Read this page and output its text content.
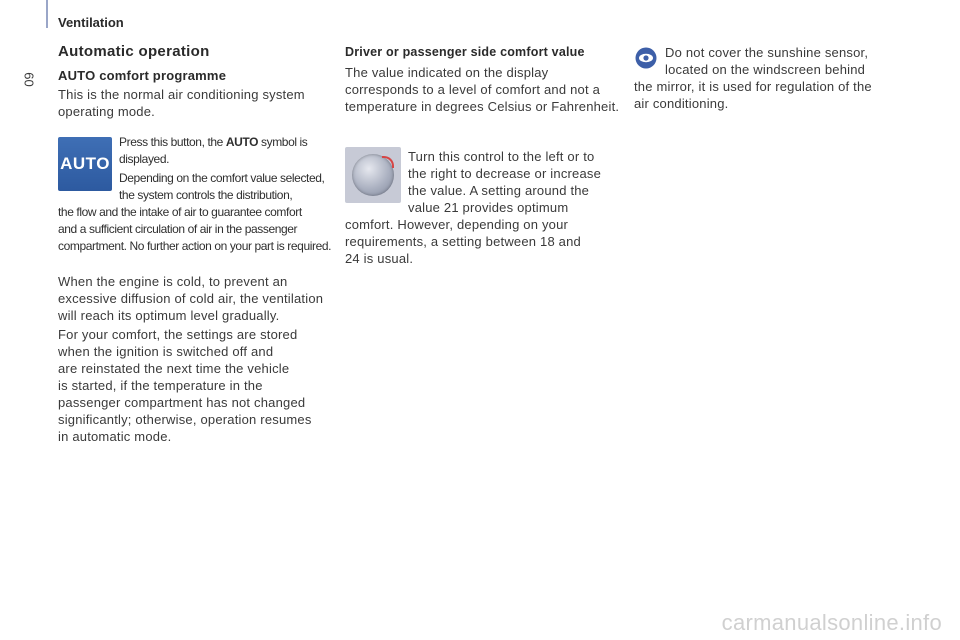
Ventilation
60
Automatic operation
AUTO comfort programme

This is the normal air conditioning system

operating mode.

AUTO

Press this button, the AUTO symbol is

displayed.

Depending on the comfort value selected,

the system controls the distribution,

the flow and the intake of air to guarantee comfort

and a sufficient circulation of air in the passenger

compartment. No further action on your part is required.

When the engine is cold, to prevent an

excessive diffusion of cold air, the ventilation

will reach its optimum level gradually.

For your comfort, the settings are stored

when the ignition is switched off and

are reinstated the next time the vehicle

is started, if the temperature in the

passenger compartment has not changed

significantly; otherwise, operation resumes

in automatic mode.

Driver or passenger side comfort value

The value indicated on the display

corresponds to a level of comfort and not a

temperature in degrees Celsius or Fahrenheit.

Turn this control to the left or to

the right to decrease or increase

the value. A setting around the

value 21 provides optimum

comfort. However, depending on your

requirements, a setting between 18 and

24 is usual.

Do not cover the sunshine sensor,

located on the windscreen behind

the mirror, it is used for regulation of the

air conditioning.

carmanualsonline.info
